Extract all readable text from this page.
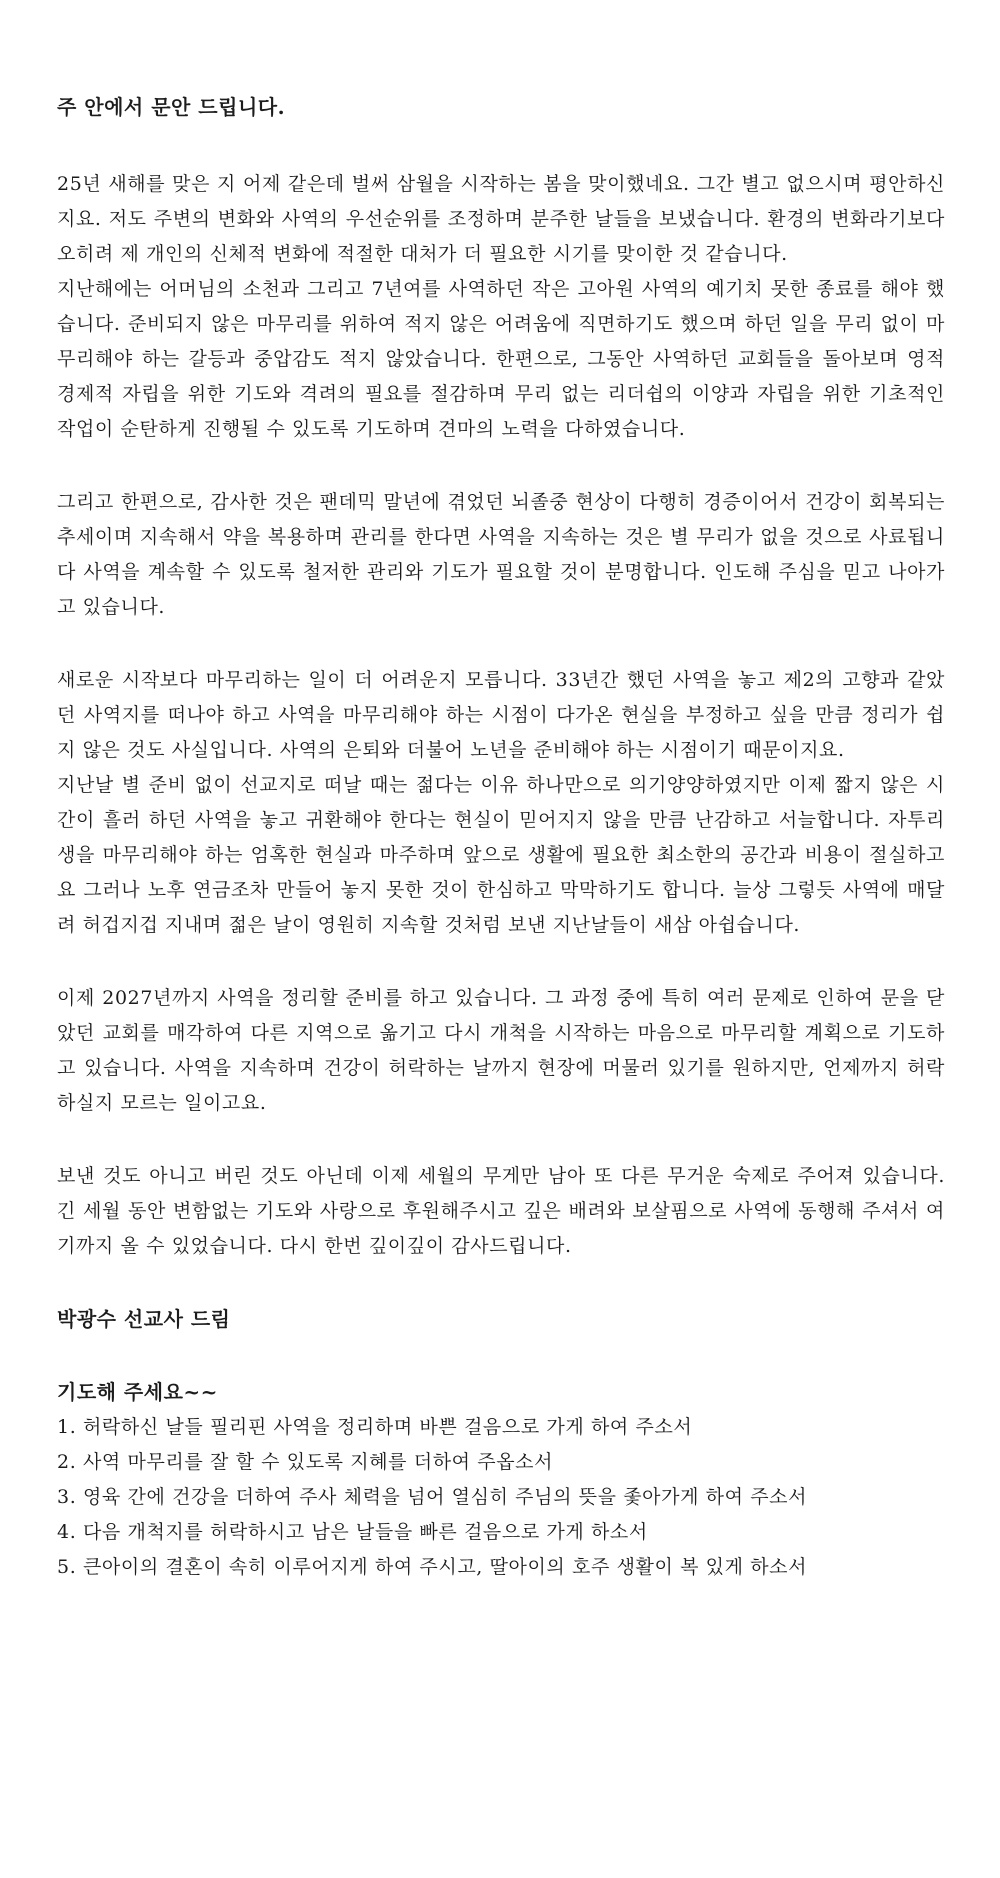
주 안에서 문안 드립니다.

25년 새해를 맞은 지 어제 같은데 벌써 삼월을 시작하는 봄을 맞이했네요. 그간 별고 없으시며 평안하신지요. 저도 주변의 변화와 사역의 우선순위를 조정하며 분주한 날들을 보냈습니다. 환경의 변화라기보다 오히려 제 개인의 신체적 변화에 적절한 대처가 더 필요한 시기를 맞이한 것 같습니다.

지난해에는 어머님의 소천과 그리고 7년여를 사역하던 작은 고아원 사역의 예기치 못한 종료를 해야 했습니다. 준비되지 않은 마무리를 위하여 적지 않은 어려움에 직면하기도 했으며 하던 일을 무리 없이 마무리해야 하는 갈등과 중압감도 적지 않았습니다. 한편으로, 그동안 사역하던 교회들을 돌아보며 영적 경제적 자립을 위한 기도와 격려의 필요를 절감하며 무리 없는 리더쉽의 이양과 자립을 위한 기초적인 작업이 순탄하게 진행될 수 있도록 기도하며 견마의 노력을 다하였습니다.

그리고 한편으로, 감사한 것은 팬데믹 말년에 겪었던 뇌졸중 현상이 다행히 경증이어서 건강이 회복되는 추세이며 지속해서 약을 복용하며 관리를 한다면 사역을 지속하는 것은 별 무리가 없을 것으로 사료됩니다 사역을 계속할 수 있도록 철저한 관리와 기도가 필요할 것이 분명합니다. 인도해 주심을 믿고 나아가고 있습니다.

새로운 시작보다 마무리하는 일이 더 어려운지 모릅니다. 33년간 했던 사역을 놓고 제2의 고향과 같았던 사역지를 떠나야 하고 사역을 마무리해야 하는 시점이 다가온 현실을 부정하고 싶을 만큼 정리가 쉽지 않은 것도 사실입니다. 사역의 은퇴와 더불어 노년을 준비해야 하는 시점이기 때문이지요.

지난날 별 준비 없이 선교지로 떠날 때는 젊다는 이유 하나만으로 의기양양하였지만 이제 짧지 않은 시간이 흘러 하던 사역을 놓고 귀환해야 한다는 현실이 믿어지지 않을 만큼 난감하고 서늘합니다. 자투리 생을 마무리해야 하는 엄혹한 현실과 마주하며 앞으로 생활에 필요한 최소한의 공간과 비용이 절실하고요 그러나 노후 연금조차 만들어 놓지 못한 것이 한심하고 막막하기도 합니다. 늘상 그렇듯 사역에 매달려 허겁지겁 지내며 젊은 날이 영원히 지속할 것처럼 보낸 지난날들이 새삼 아쉽습니다.

이제 2027년까지 사역을 정리할 준비를 하고 있습니다. 그 과정 중에 특히 여러 문제로 인하여 문을 닫았던 교회를 매각하여 다른 지역으로 옮기고 다시 개척을 시작하는 마음으로 마무리할 계획으로 기도하고 있습니다. 사역을 지속하며 건강이 허락하는 날까지 현장에 머물러 있기를 원하지만, 언제까지 허락하실지 모르는 일이고요.

보낸 것도 아니고 버린 것도 아닌데 이제 세월의 무게만 남아 또 다른 무거운 숙제로 주어져 있습니다. 긴 세월 동안 변함없는 기도와 사랑으로 후원해주시고 깊은 배려와 보살핌으로 사역에 동행해 주셔서 여기까지 올 수 있었습니다. 다시 한번 깊이깊이 감사드립니다.

박광수 선교사 드림

기도해 주세요~~

1. 허락하신 날들 필리핀 사역을 정리하며 바쁜 걸음으로 가게 하여 주소서

2. 사역 마무리를 잘 할 수 있도록 지혜를 더하여 주옵소서

3. 영육 간에 건강을 더하여 주사 체력을 넘어 열심히 주님의 뜻을 좇아가게 하여 주소서

4. 다음 개척지를 허락하시고 남은 날들을 빠른 걸음으로 가게 하소서

5. 큰아이의 결혼이 속히 이루어지게 하여 주시고, 딸아이의 호주 생활이 복 있게 하소서
